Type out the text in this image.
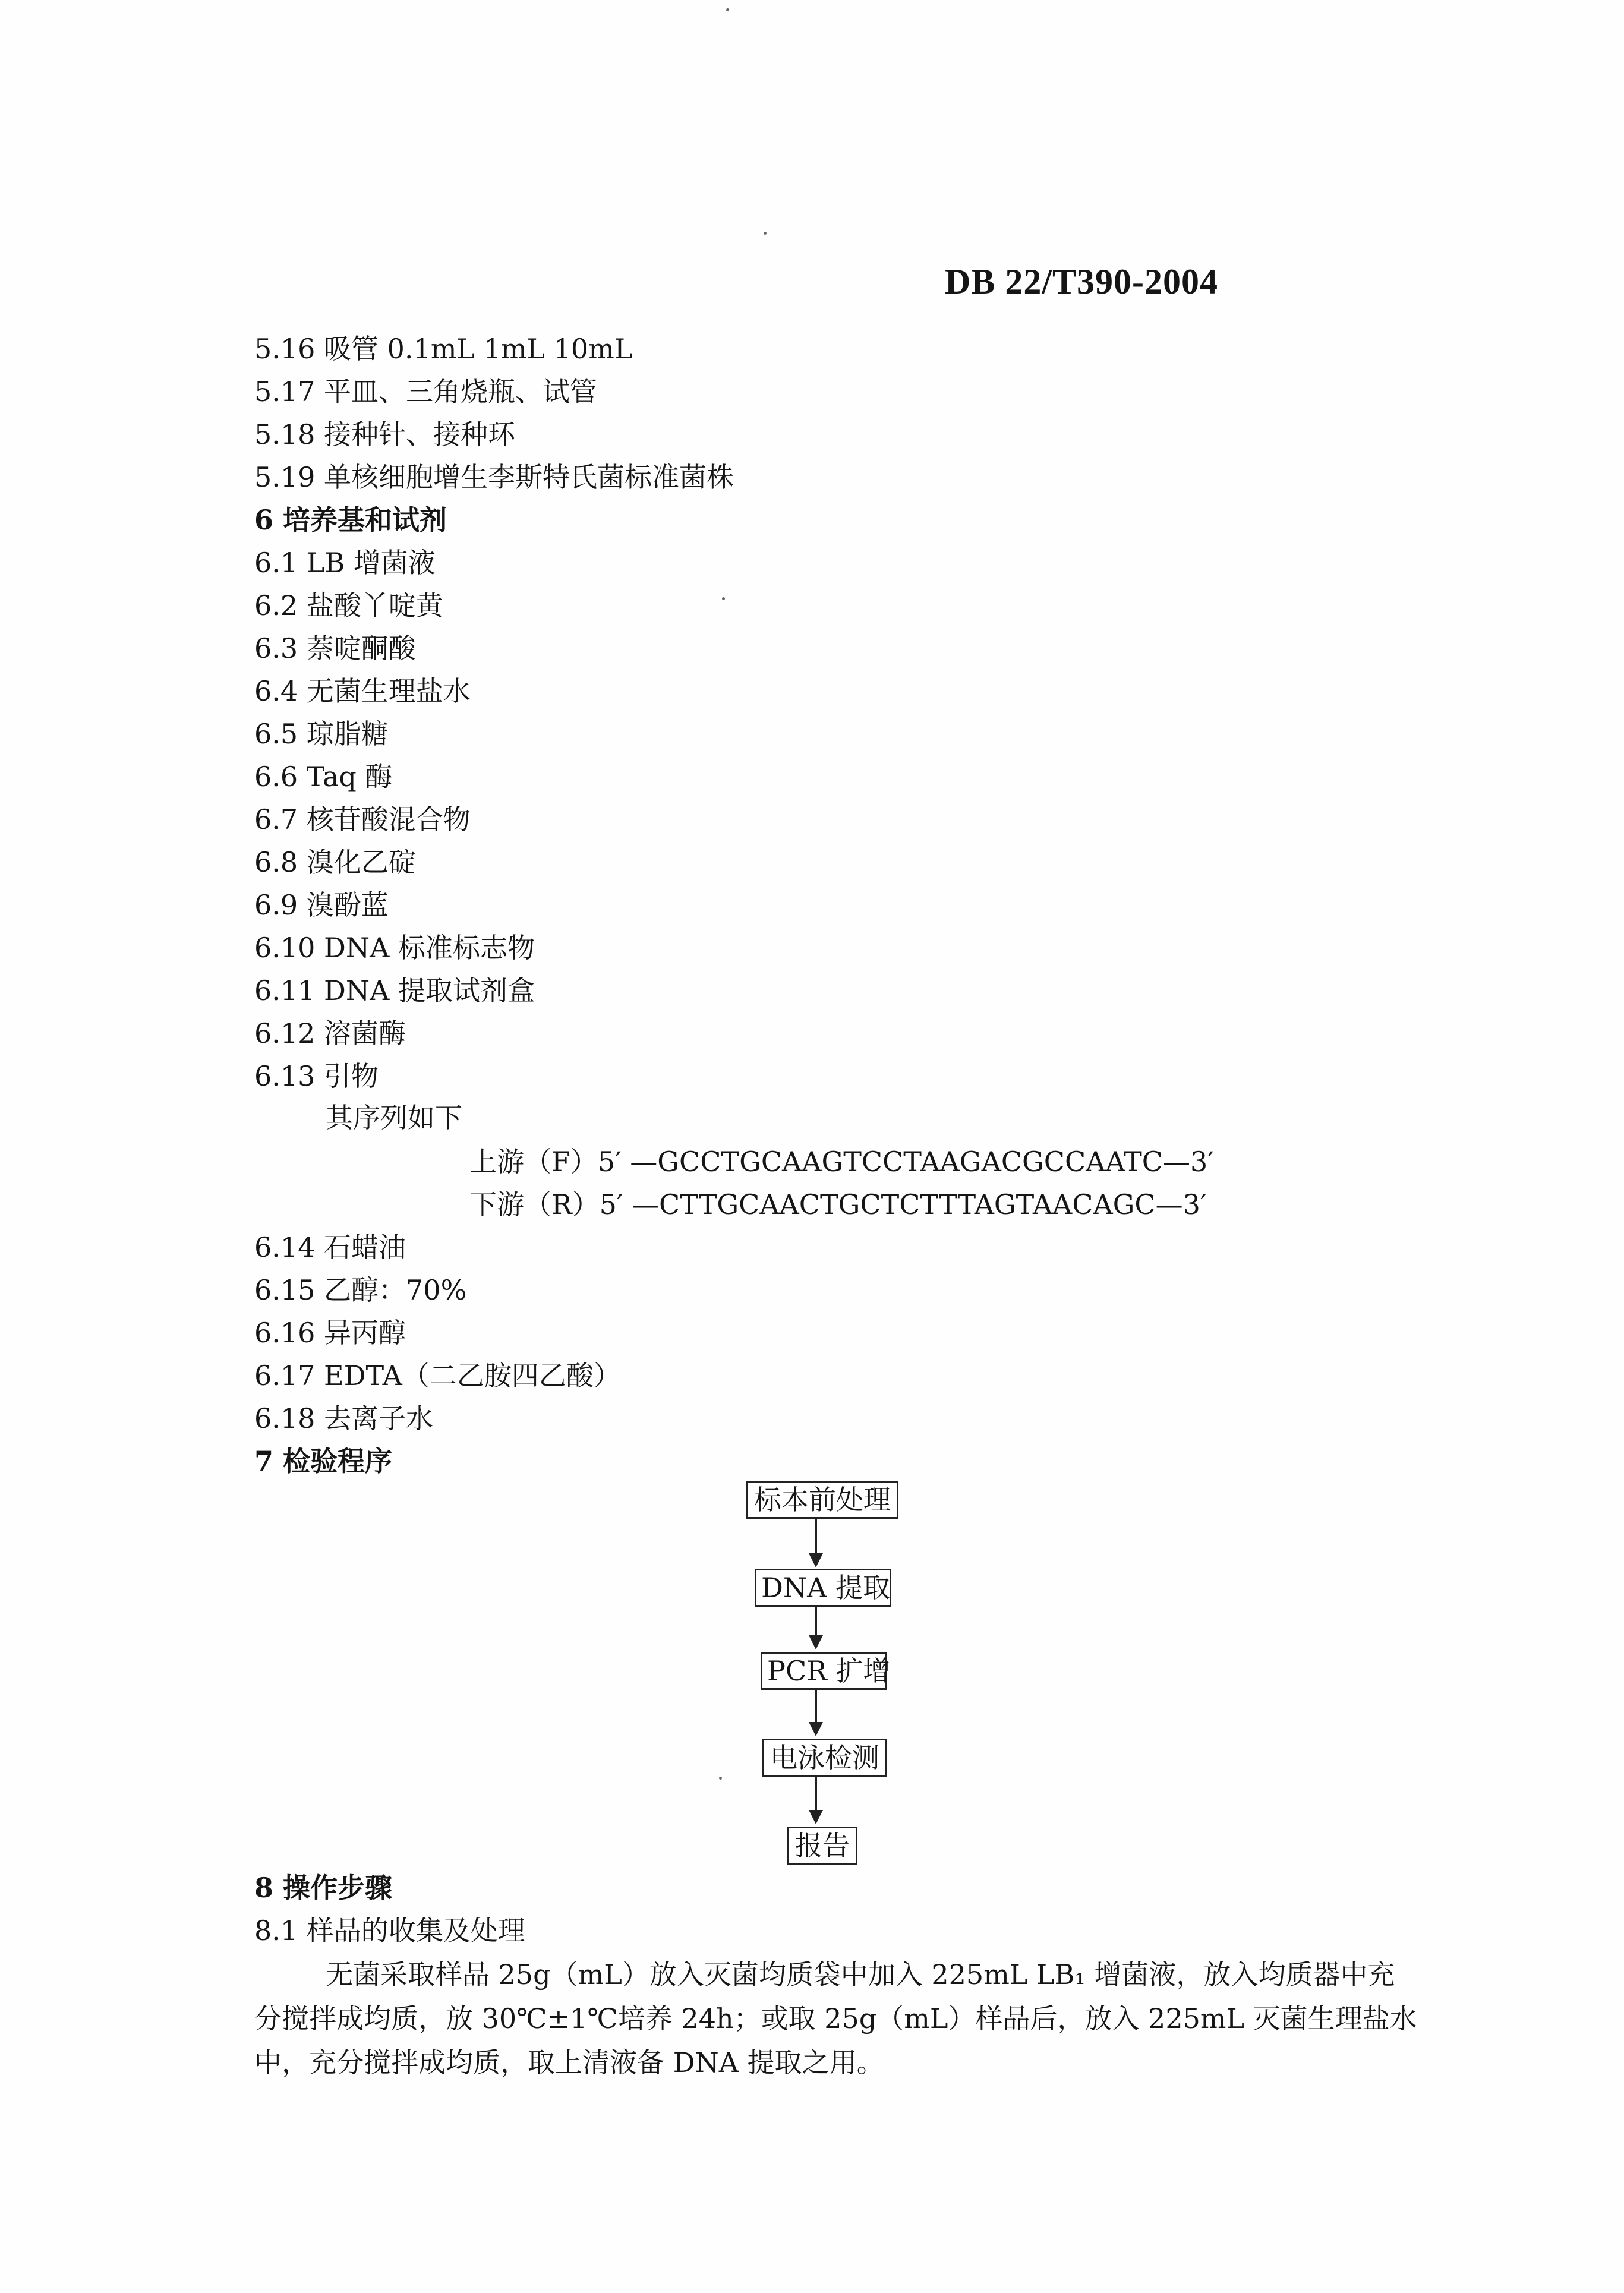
DB 22/T390-2004
5.16 吸管 0.1mL 1mL 10mL
5.17 平皿、三角烧瓶、试管
5.18 接种针、接种环
5.19 单核细胞增生李斯特氏菌标准菌株
6 培养基和试剂
6.1 LB 增菌液
6.2 盐酸丫啶黄
6.3 萘啶酮酸
6.4 无菌生理盐水
6.5 琼脂糖
6.6 Taq 酶
6.7 核苷酸混合物
6.8 溴化乙碇
6.9 溴酚蓝
6.10 DNA 标准标志物
6.11 DNA 提取试剂盒
6.12 溶菌酶
6.13 引物
其序列如下
上游（F）5′ —GCCTGCAAGTCCTAAGACGCCAATC—3′
下游（R）5′ —CTTGCAACTGCTCTTTAGTAACAGC—3′
6.14 石蜡油
6.15 乙醇：70%
6.16 异丙醇
6.17 EDTA（二乙胺四乙酸）
6.18 去离子水
7 检验程序
标本前处理
DNA 提取
PCR 扩增
电泳检测
报告
8 操作步骤
8.1 样品的收集及处理
无菌采取样品 25g（mL）放入灭菌均质袋中加入 225mL LB₁ 增菌液，放入均质器中充
分搅拌成均质，放 30℃±1℃培养 24h；或取 25g（mL）样品后，放入 225mL 灭菌生理盐水
中，充分搅拌成均质，取上清液备 DNA 提取之用。
